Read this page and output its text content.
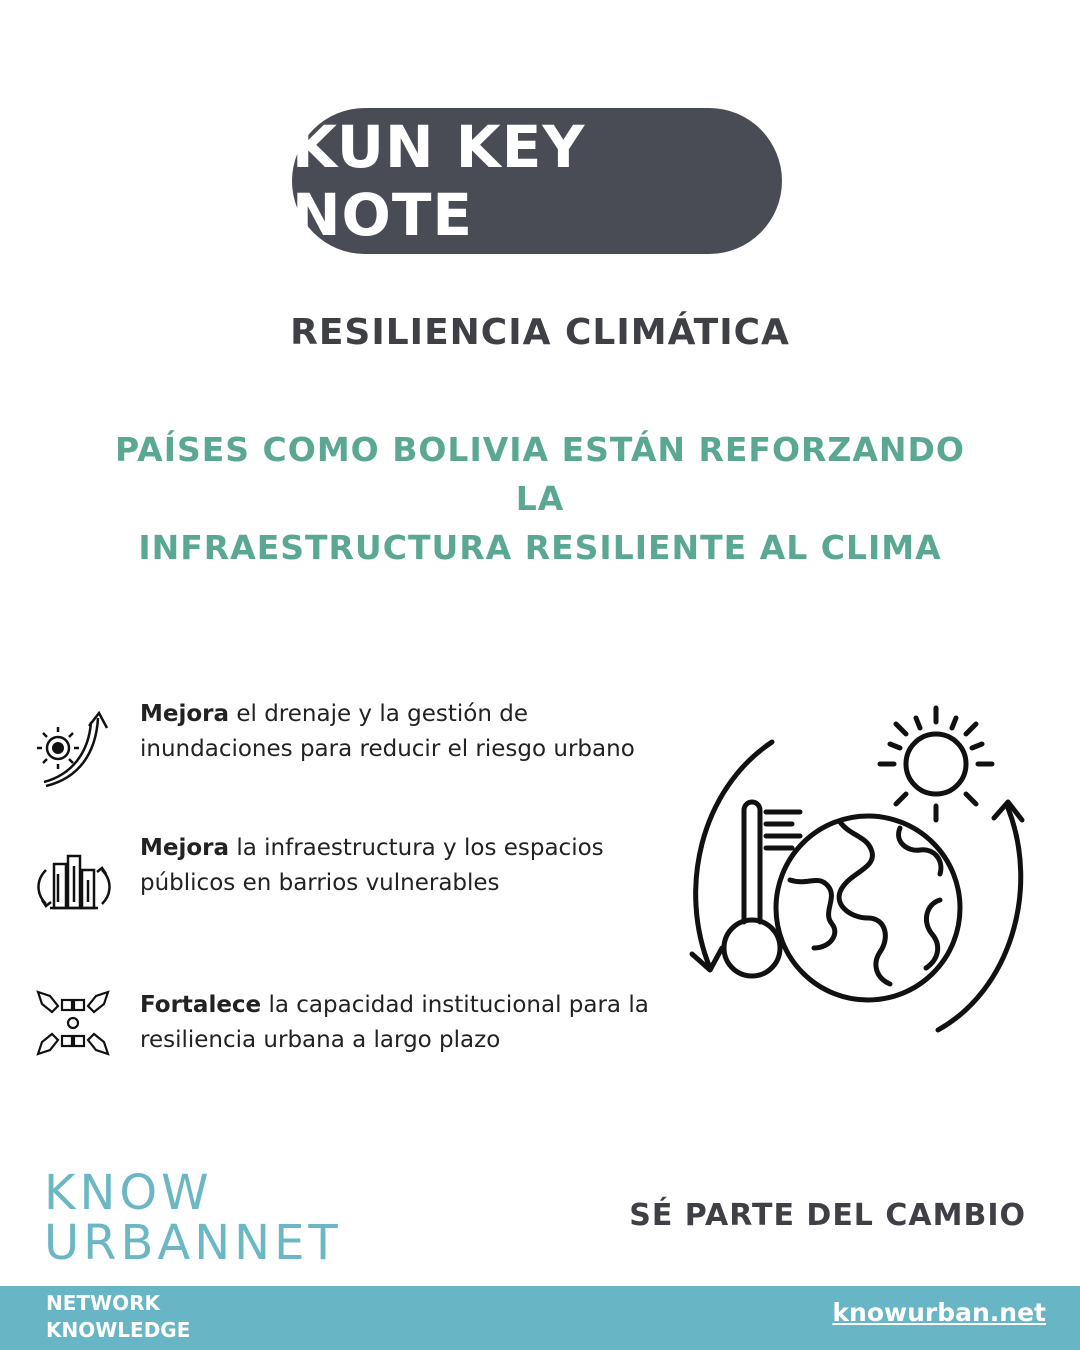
KUN KEY NOTE
RESILIENCIA CLIMÁTICA
PAÍSES COMO BOLIVIA ESTÁN REFORZANDO LA
INFRAESTRUCTURA RESILIENTE AL CLIMA
Mejora el drenaje y la gestión de inundaciones para reducir el riesgo urbano
Mejora la infraestructura y los espacios públicos en barrios vulnerables
Fortalece la capacidad institucional para la resiliencia urbana a largo plazo
KNOW
URBANNET	SÉ PARTE DEL CAMBIO
NETWORK
KNOWLEDGE
knowurban.net
